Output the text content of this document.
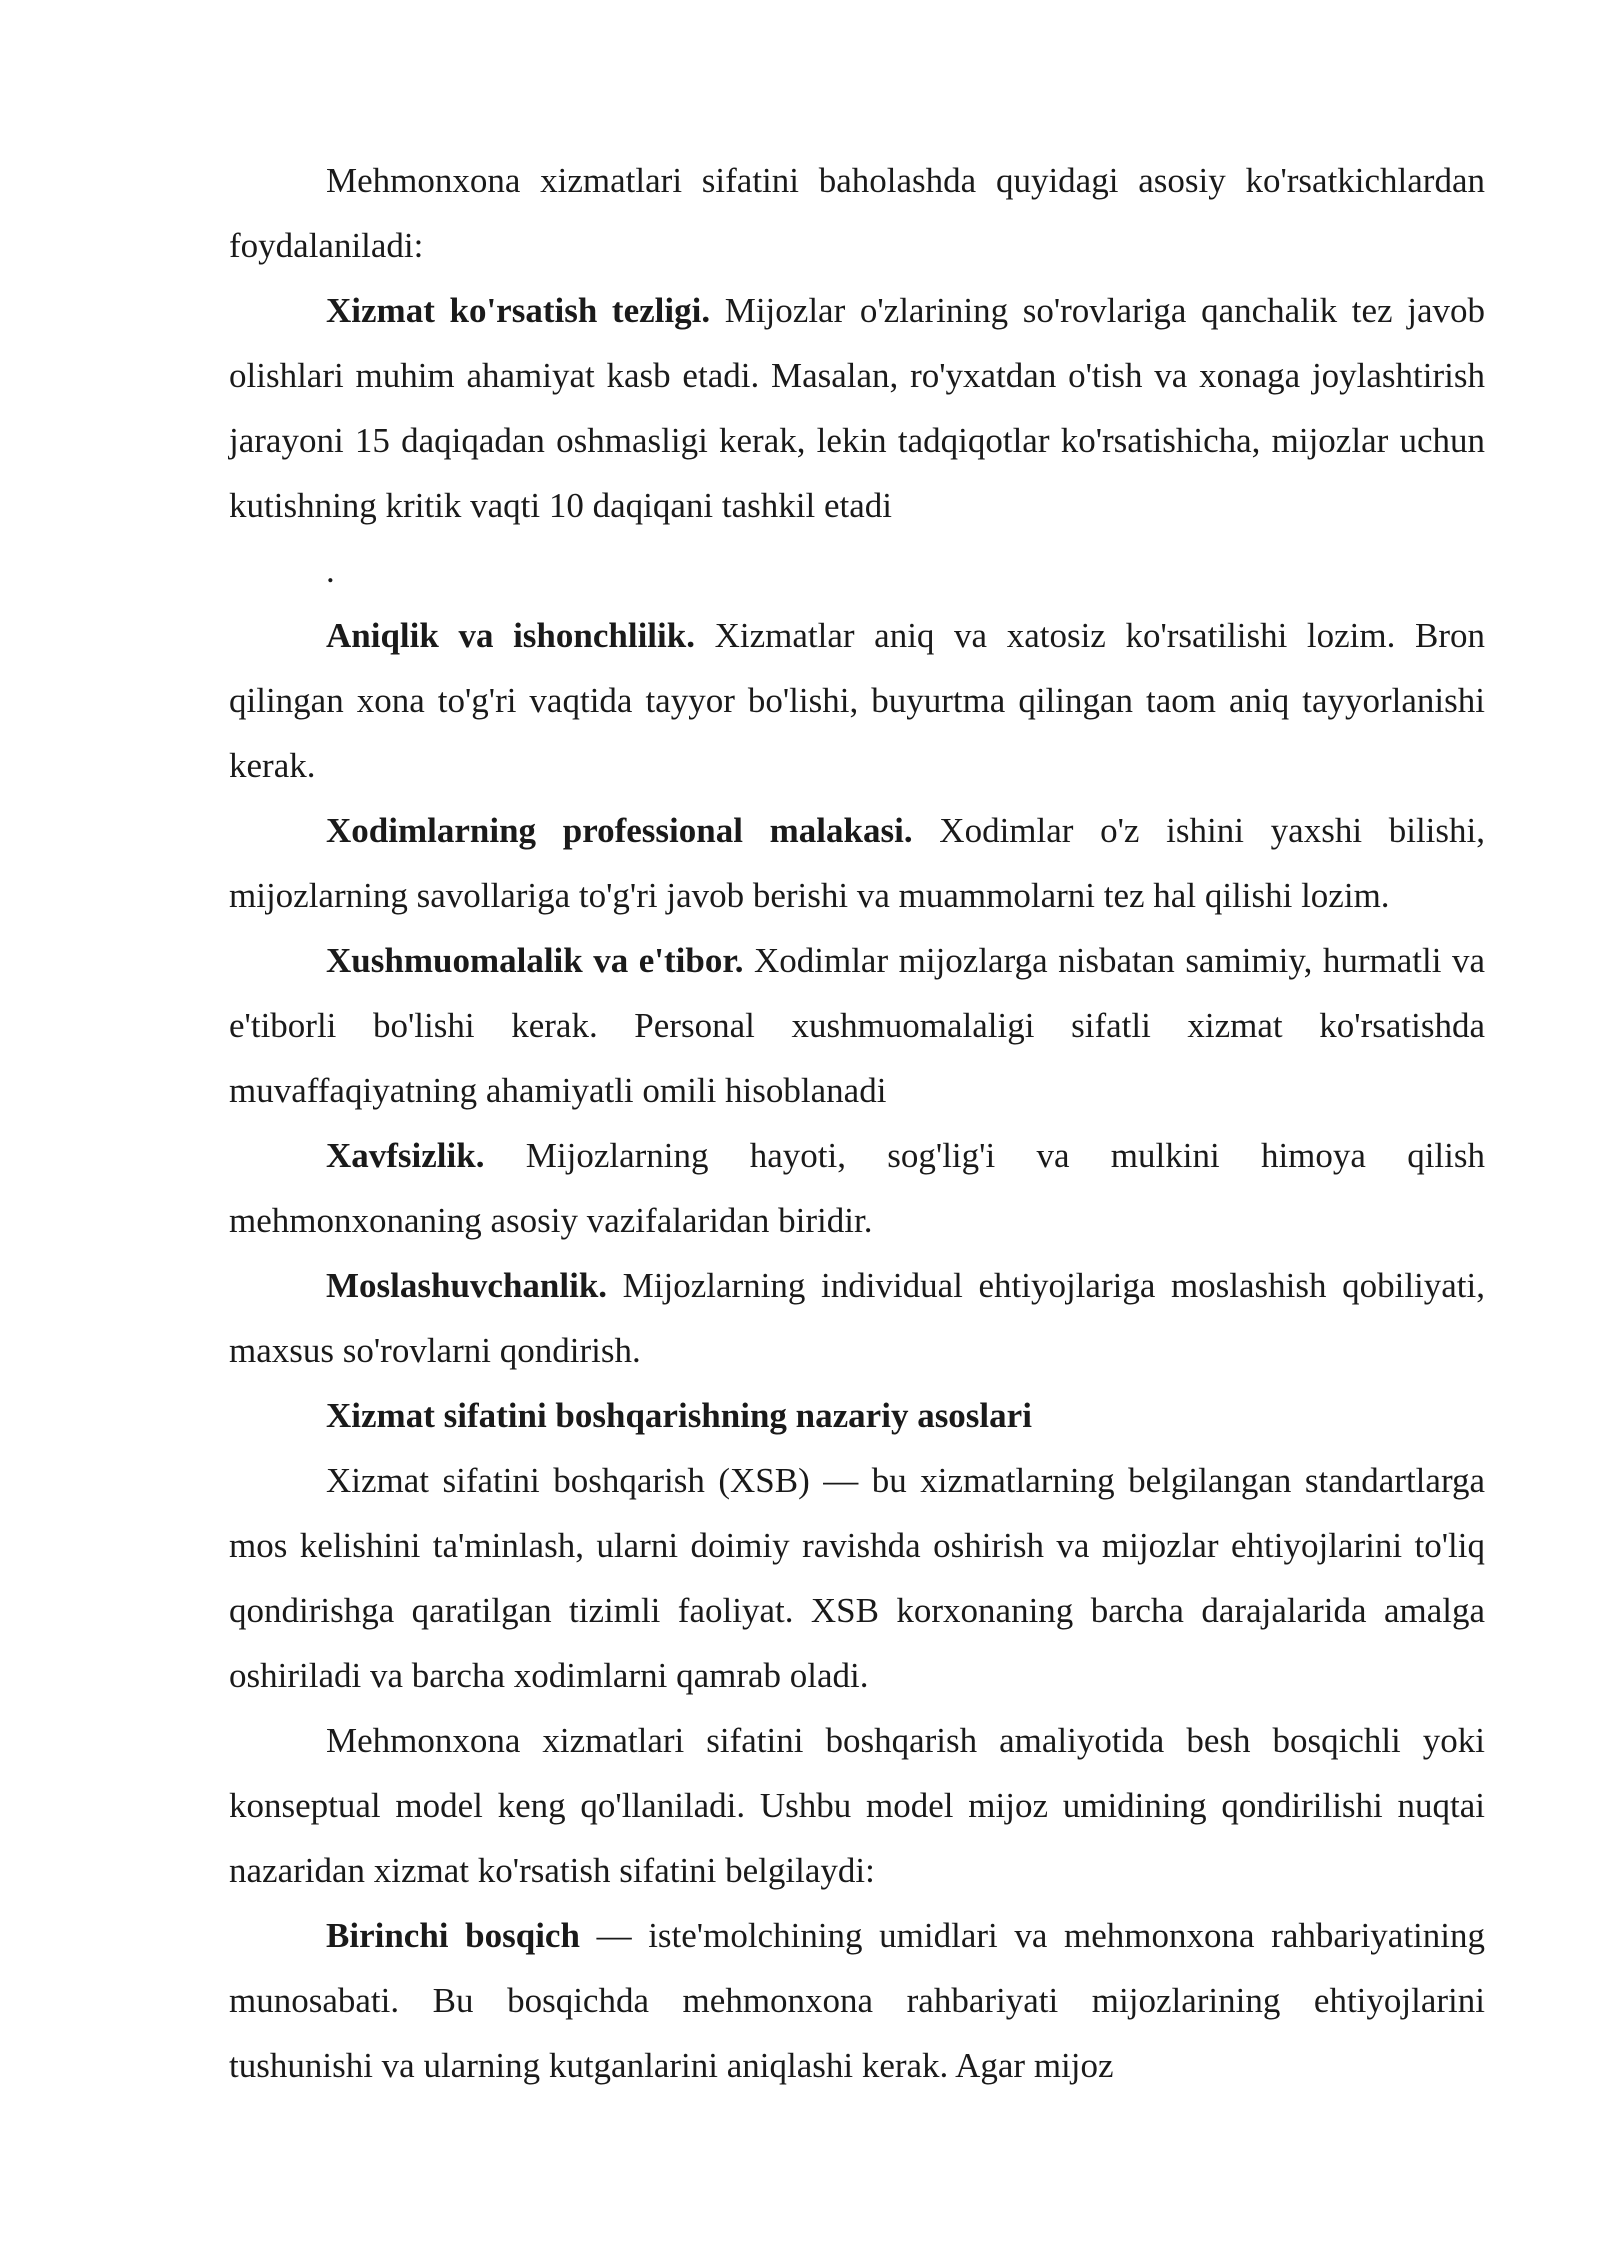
Mehmonxona xizmatlari sifatini baholashda quyidagi asosiy ko'rsatkichlardan foydalaniladi:

Xizmat ko'rsatish tezligi. Mijozlar o'zlarining so'rovlariga qanchalik tez javob olishlari muhim ahamiyat kasb etadi. Masalan, ro'yxatdan o'tish va xonaga joylashtirish jarayoni 15 daqiqadan oshmasligi kerak, lekin tadqiqotlar ko'rsatishicha, mijozlar uchun kutishning kritik vaqti 10 daqiqani tashkil etadi

.

Aniqlik va ishonchlilik. Xizmatlar aniq va xatosiz ko'rsatilishi lozim. Bron qilingan xona to'g'ri vaqtida tayyor bo'lishi, buyurtma qilingan taom aniq tayyorlanishi kerak.

Xodimlarning professional malakasi. Xodimlar o'z ishini yaxshi bilishi, mijozlarning savollariga to'g'ri javob berishi va muammolarni tez hal qilishi lozim.

Xushmuomalalik va e'tibor. Xodimlar mijozlarga nisbatan samimiy, hurmatli va e'tiborli bo'lishi kerak. Personal xushmuomalaligi sifatli xizmat ko'rsatishda muvaffaqiyatning ahamiyatli omili hisoblanadi

Xavfsizlik. Mijozlarning hayoti, sog'lig'i va mulkini himoya qilish mehmonxonaning asosiy vazifalaridan biridir.

Moslashuvchanlik. Mijozlarning individual ehtiyojlariga moslashish qobiliyati, maxsus so'rovlarni qondirish.

Xizmat sifatini boshqarishning nazariy asoslari

Xizmat sifatini boshqarish (XSB) — bu xizmatlarning belgilangan standartlarga mos kelishini ta'minlash, ularni doimiy ravishda oshirish va mijozlar ehtiyojlarini to'liq qondirishga qaratilgan tizimli faoliyat. XSB korxonaning barcha darajalarida amalga oshiriladi va barcha xodimlarni qamrab oladi.

Mehmonxona xizmatlari sifatini boshqarish amaliyotida besh bosqichli yoki konseptual model keng qo'llaniladi. Ushbu model mijoz umidining qondirilishi nuqtai nazaridan xizmat ko'rsatish sifatini belgilaydi:

Birinchi bosqich — iste'molchining umidlari va mehmonxona rahbariyatining munosabati. Bu bosqichda mehmonxona rahbariyati mijozlarining ehtiyojlarini tushunishi va ularning kutganlarini aniqlashi kerak. Agar mijoz
